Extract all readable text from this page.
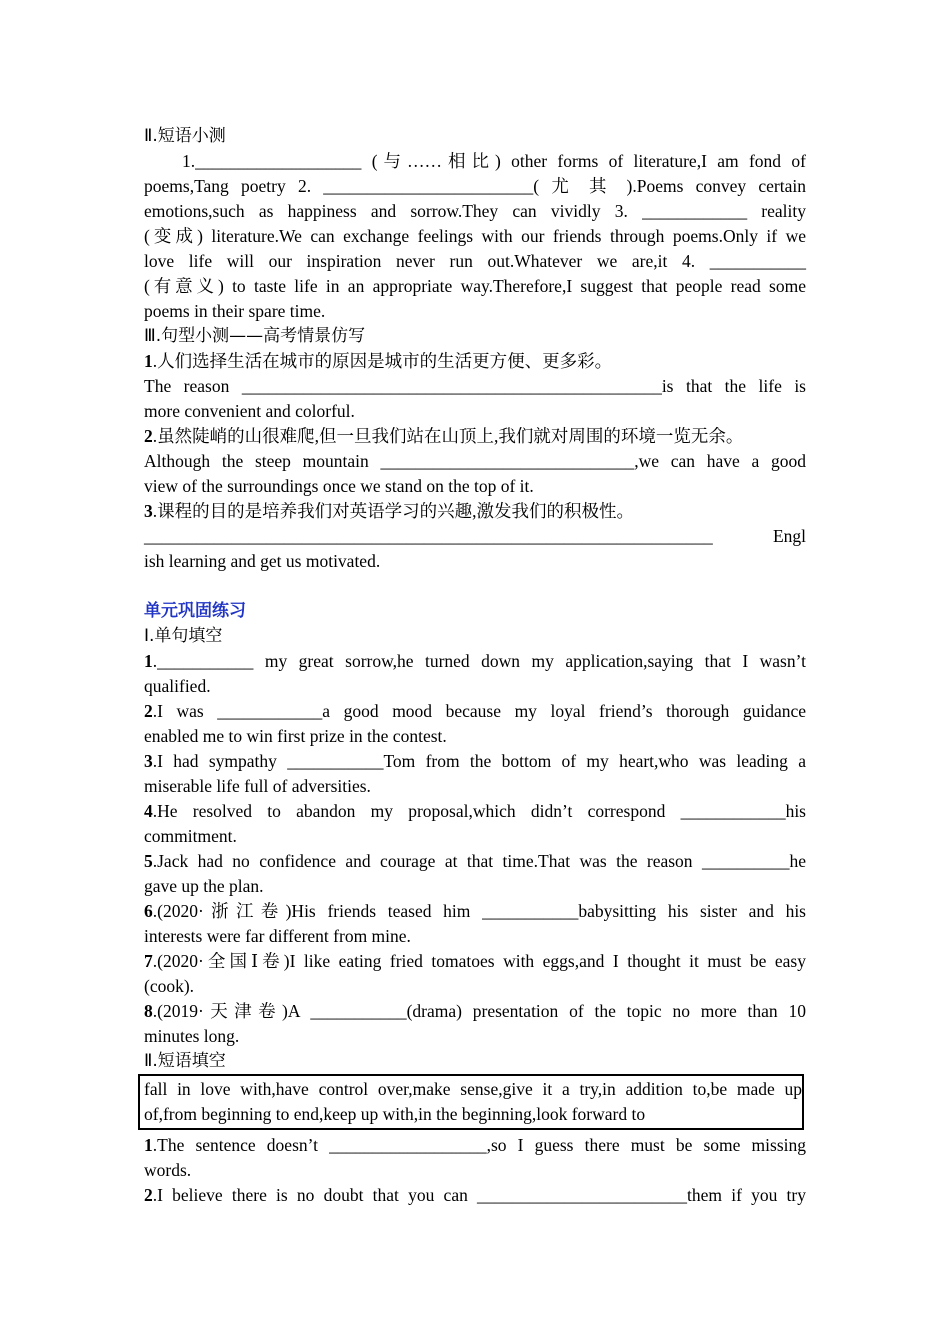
Ⅱ.短语小测
1.___________________ (与……相比) other forms of literature,I am fond of
poems,Tang poetry 2. ________________________( 尤 其 ).Poems convey certain
emotions,such as happiness and sorrow.They can vividly 3. ____________ reality
(变成) literature.We can exchange feelings with our friends through poems.Only if we
love life will our inspiration never run out.Whatever we are,it 4. ___________
(有意义) to taste life in an appropriate way.Therefore,I suggest that people read some
poems in their spare time.
Ⅲ.句型小测——高考情景仿写
1.人们选择生活在城市的原因是城市的生活更方便、更多彩。
The reason ________________________________________________is that the life is
more convenient and colorful.
2.虽然陡峭的山很难爬,但一旦我们站在山顶上,我们就对周围的环境一览无余。
Although the steep mountain _____________________________,we can have a good
view of the surroundings once we stand on the top of it.
3.课程的目的是培养我们对英语学习的兴趣,激发我们的积极性。
_________________________________________________________________ Engl
ish learning and get us motivated.
单元巩固练习
Ⅰ.单句填空
1.___________ my great sorrow,he turned down my application,saying that I wasn’t
qualified.
2.I was ____________a good mood because my loyal friend’s thorough guidance
enabled me to win first prize in the contest.
3.I had sympathy ___________Tom from the bottom of my heart,who was leading a
miserable life full of adversities.
4.He resolved to abandon my proposal,which didn’t correspond ____________his
commitment.
5.Jack had no confidence and courage at that time.That was the reason __________he
gave up the plan.
6.(2020·浙江卷)His friends teased him ___________babysitting his sister and his
interests were far different from mine.
7.(2020·全国Ⅰ卷)I like eating fried tomatoes with eggs,and I thought it must be easy
(cook).
8.(2019·天津卷)A ___________(drama) presentation of the topic no more than 10
minutes long.
Ⅱ.短语填空
fall in love with,have control over,make sense,give it a try,in addition to,be made up
of,from beginning to end,keep up with,in the beginning,look forward to
1.The sentence doesn’t __________________,so I guess there must be some missing
words.
2.I believe there is no doubt that you can ________________________them if you try
